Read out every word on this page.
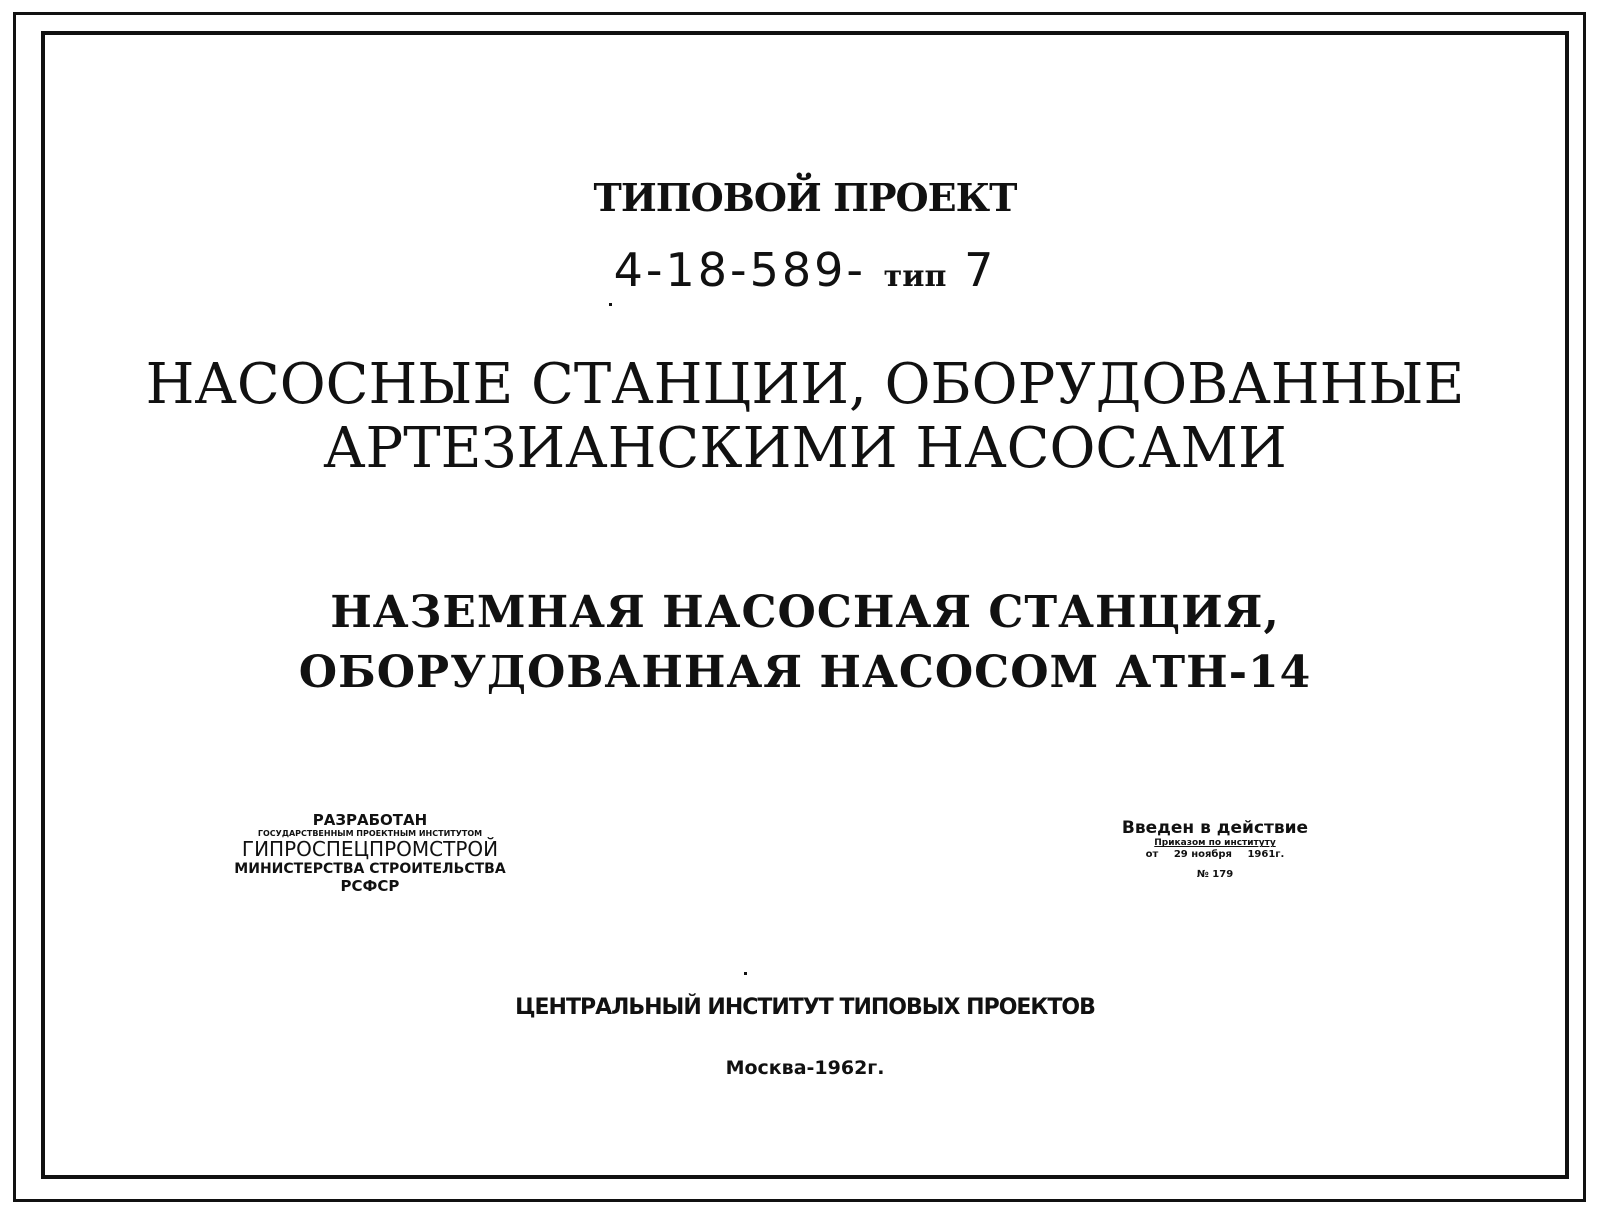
ТИПОВОЙ ПРОЕКТ
4-18-589- тип 7
НАСОСНЫЕ СТАНЦИИ, ОБОРУДОВАННЫЕ
АРТЕЗИАНСКИМИ НАСОСАМИ
НАЗЕМНАЯ НАСОСНАЯ СТАНЦИЯ,
ОБОРУДОВАННАЯ НАСОСОМ АТН-14
ЦЕНТРАЛЬНЫЙ ИНСТИТУТ ТИПОВЫХ ПРОЕКТОВ
Москва-1962г.
РАЗРАБОТАН
ГОСУДАРСТВЕННЫМ ПРОЕКТНЫМ ИНСТИТУТОМ
ГИПРОСПЕЦПРОМСТРОЙ
МИНИСТЕРСТВА СТРОИТЕЛЬСТВА
РСФСР
Введен в действие
Приказом по институту
от 29 ноября 1961г.
№ 179
